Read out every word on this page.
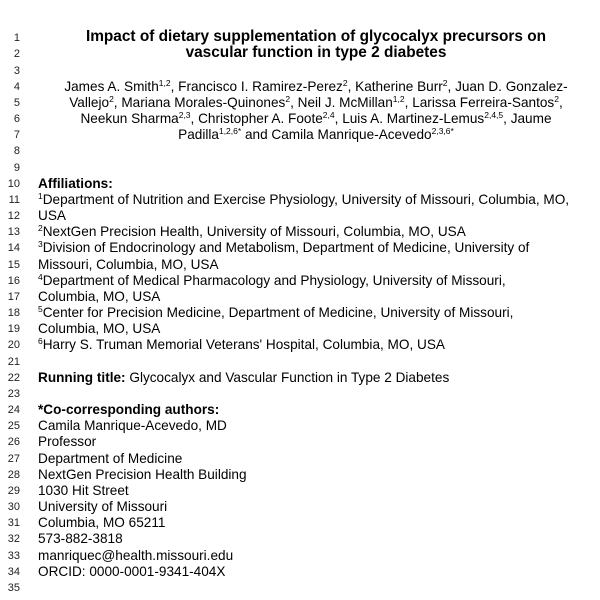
1
2
3
4
5
6
7
8
9
10
11
12
13
14
15
16
17
18
19
20
21
22
23
24
25
26
27
28
29
30
31
32
33
34
35
Impact of dietary supplementation of glycocalyx precursors on
vascular function in type 2 diabetes
James A. Smith$^{1,2}$, Francisco I. Ramirez-Perez$^2$, Katherine Burr$^2$, Juan D. Gonzalez-
Vallejo$^2$, Mariana Morales-Quinones$^2$, Neil J. McMillan$^{1,2}$, Larissa Ferreira-Santos$^2$,
Neekun Sharma$^{2,3}$, Christopher A. Foote$^{2,4}$, Luis A. Martinez-Lemus$^{2,4,5}$, Jaume
Padilla$^{1,2,6*}$ and Camila Manrique-Acevedo$^{2,3,6*}$
Affiliations:
$^1$Department of Nutrition and Exercise Physiology, University of Missouri, Columbia, MO,
USA
$^2$NextGen Precision Health, University of Missouri, Columbia, MO, USA
$^3$Division of Endocrinology and Metabolism, Department of Medicine, University of
Missouri, Columbia, MO, USA
$^4$Department of Medical Pharmacology and Physiology, University of Missouri,
Columbia, MO, USA
$^5$Center for Precision Medicine, Department of Medicine, University of Missouri,
Columbia, MO, USA
$^6$Harry S. Truman Memorial Veterans' Hospital, Columbia, MO, USA
Running title: Glycocalyx and Vascular Function in Type 2 Diabetes
*Co-corresponding authors:
Camila Manrique-Acevedo, MD
Professor
Department of Medicine
NextGen Precision Health Building
1030 Hit Street
University of Missouri
Columbia, MO 65211
573-882-3818
manriquec@health.missouri.edu
ORCID: 0000-0001-9341-404X
